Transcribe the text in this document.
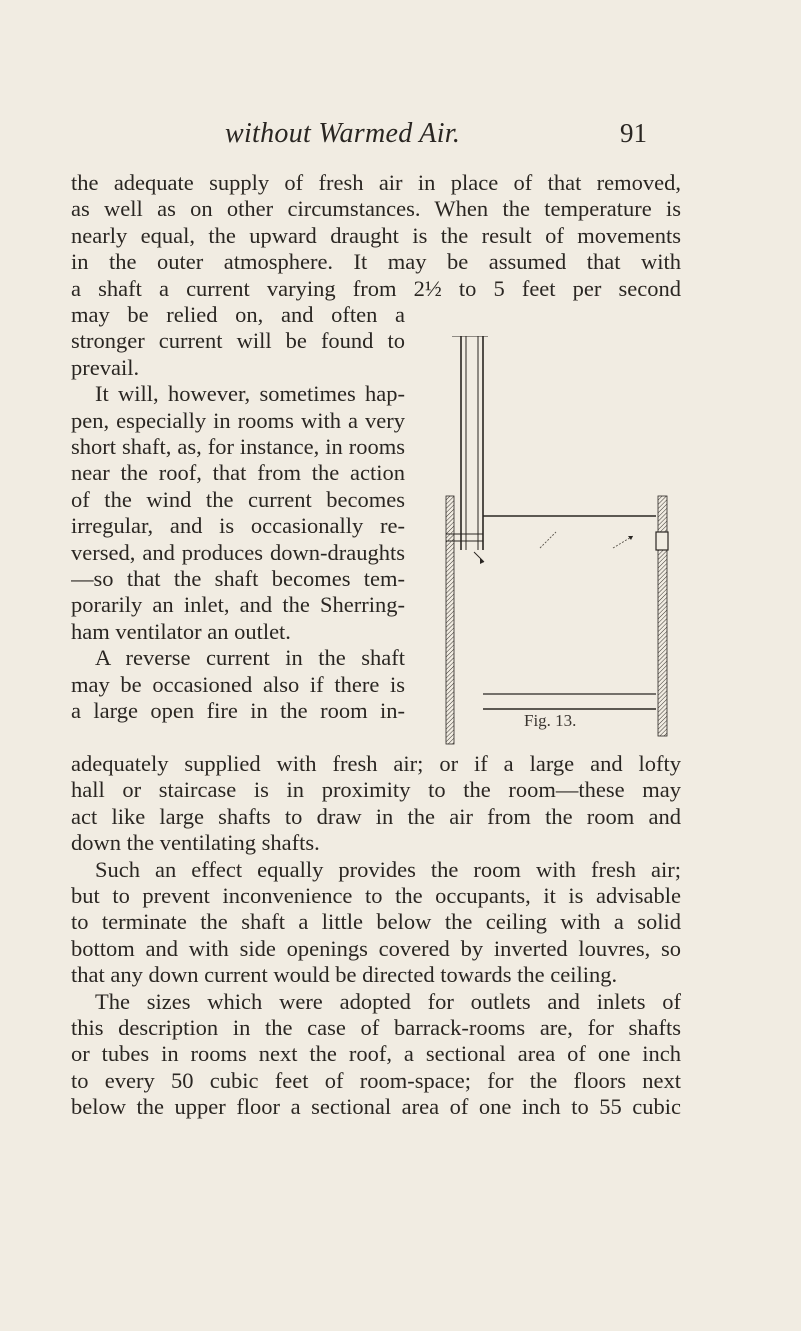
without Warmed Air.	91
the adequate supply of fresh air in place of that removed,
as well as on other circumstances. When the temperature is
nearly equal, the upward draught is the result of movements
in the outer atmosphere. It may be assumed that with
a shaft a current varying from 2½ to 5 feet per second
may be relied on, and often a
stronger current will be found to
prevail.
It will, however, sometimes hap-
pen, especially in rooms with a very
short shaft, as, for instance, in rooms
near the roof, that from the action
of the wind the current becomes
irregular, and is occasionally re-
versed, and produces down-draughts
—so that the shaft becomes tem-
porarily an inlet, and the Sherring-
ham ventilator an outlet.
A reverse current in the shaft
may be occasioned also if there is
a large open fire in the room in-	Fig. 13.
adequately supplied with fresh air; or if a large and lofty
hall or staircase is in proximity to the room—these may
act like large shafts to draw in the air from the room and
down the ventilating shafts.
Such an effect equally provides the room with fresh air;
but to prevent inconvenience to the occupants, it is advisable
to terminate the shaft a little below the ceiling with a solid
bottom and with side openings covered by inverted louvres, so
that any down current would be directed towards the ceiling.
The sizes which were adopted for outlets and inlets of
this description in the case of barrack-rooms are, for shafts
or tubes in rooms next the roof, a sectional area of one inch
to every 50 cubic feet of room-space; for the floors next
below the upper floor a sectional area of one inch to 55 cubic
